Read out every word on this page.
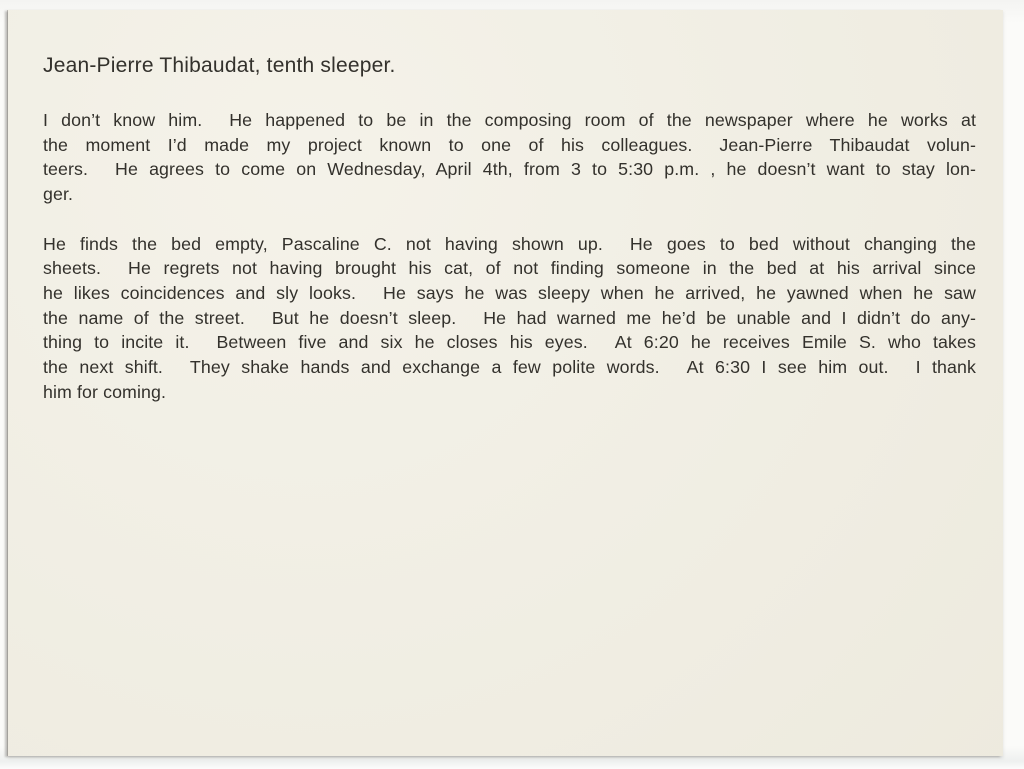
Jean-Pierre Thibaudat, tenth sleeper.
I don’t know him.   He happened to be in the composing room of the newspaper where he works at
the moment I’d made my project known to one of his colleagues.   Jean-Pierre Thibaudat volun-
teers.   He agrees to come on Wednesday, April 4th, from 3 to 5:30 p.m. , he doesn’t want to stay lon-
ger.
He finds the bed empty, Pascaline C. not having shown up.   He goes to bed without changing the
sheets.   He regrets not having brought his cat, of not finding someone in the bed at his arrival since
he likes coincidences and sly looks.   He says he was sleepy when he arrived, he yawned when he saw
the name of the street.   But he doesn’t sleep.   He had warned me he’d be unable and I didn’t do any-
thing to incite it.   Between five and six he closes his eyes.   At 6:20 he receives Emile S. who takes
the next shift.   They shake hands and exchange a few polite words.   At 6:30 I see him out.   I thank
him for coming.
